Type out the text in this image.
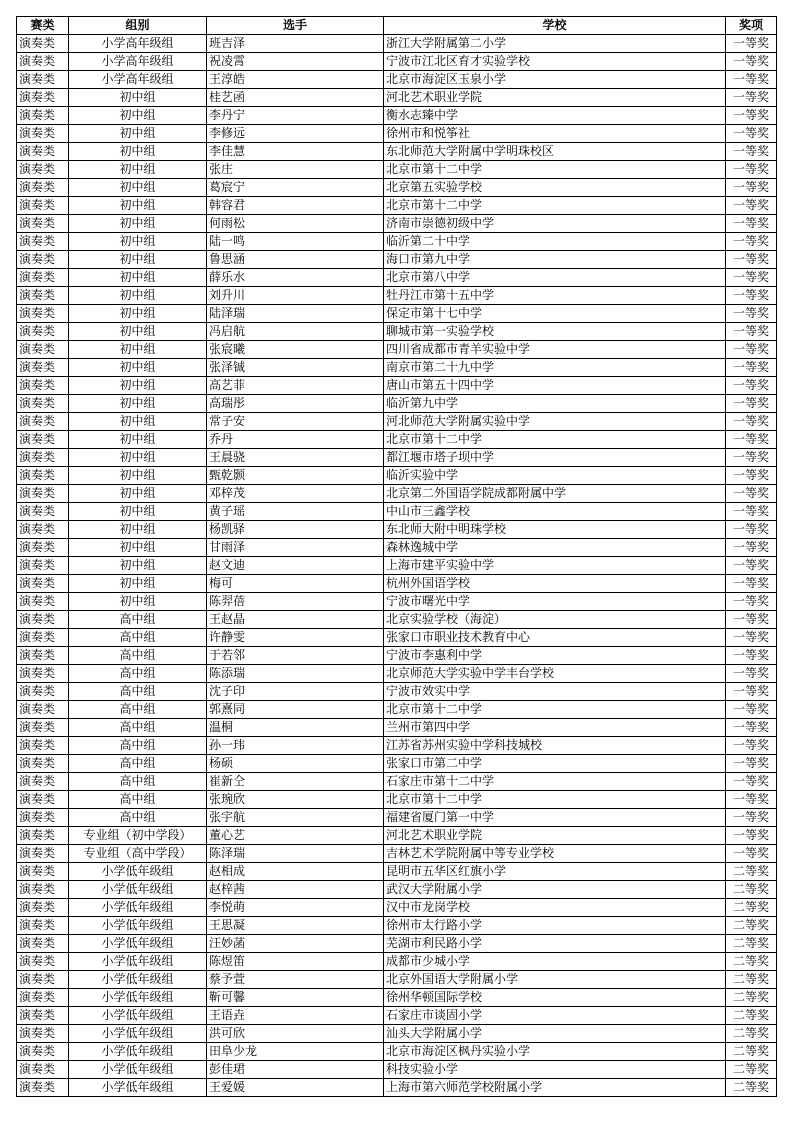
赛类	组别	选手	学校	奖项
演奏类	小学高年级组	班吉泽	浙江大学附属第二小学	一等奖
演奏类	小学高年级组	祝凌霄	宁波市江北区育才实验学校	一等奖
演奏类	小学高年级组	王淳皓	北京市海淀区玉泉小学	一等奖
演奏类	初中组	桂艺函	河北艺术职业学院	一等奖
演奏类	初中组	李丹宁	衡水志臻中学	一等奖
演奏类	初中组	李修远	徐州市和悦筝社	一等奖
演奏类	初中组	李佳慧	东北师范大学附属中学明珠校区	一等奖
演奏类	初中组	张庄	北京市第十二中学	一等奖
演奏类	初中组	葛宸宁	北京第五实验学校	一等奖
演奏类	初中组	韩容君	北京市第十二中学	一等奖
演奏类	初中组	何雨松	济南市崇德初级中学	一等奖
演奏类	初中组	陆一鸣	临沂第二十中学	一等奖
演奏类	初中组	鲁思涵	海口市第九中学	一等奖
演奏类	初中组	薛乐水	北京市第八中学	一等奖
演奏类	初中组	刘升川	牡丹江市第十五中学	一等奖
演奏类	初中组	陆泽瑞	保定市第十七中学	一等奖
演奏类	初中组	冯启航	聊城市第一实验学校	一等奖
演奏类	初中组	张宸曦	四川省成都市青羊实验中学	一等奖
演奏类	初中组	张泽铖	南京市第二十九中学	一等奖
演奏类	初中组	高艺菲	唐山市第五十四中学	一等奖
演奏类	初中组	高瑞彤	临沂第九中学	一等奖
演奏类	初中组	常子安	河北师范大学附属实验中学	一等奖
演奏类	初中组	乔丹	北京市第十二中学	一等奖
演奏类	初中组	王晨骁	都江堰市塔子坝中学	一等奖
演奏类	初中组	甄乾颢	临沂实验中学	一等奖
演奏类	初中组	邓梓茂	北京第二外国语学院成都附属中学	一等奖
演奏类	初中组	黄子瑶	中山市三鑫学校	一等奖
演奏类	初中组	杨凯驿	东北师大附中明珠学校	一等奖
演奏类	初中组	甘雨泽	森林逸城中学	一等奖
演奏类	初中组	赵文迪	上海市建平实验中学	一等奖
演奏类	初中组	梅可	杭州外国语学校	一等奖
演奏类	初中组	陈羿蓓	宁波市曙光中学	一等奖
演奏类	高中组	王赵晶	北京实验学校（海淀）	一等奖
演奏类	高中组	许静雯	张家口市职业技术教育中心	一等奖
演奏类	高中组	于若邻	宁波市李惠利中学	一等奖
演奏类	高中组	陈添瑞	北京师范大学实验中学丰台学校	一等奖
演奏类	高中组	沈子印	宁波市效实中学	一等奖
演奏类	高中组	郭熹同	北京市第十二中学	一等奖
演奏类	高中组	温桐	兰州市第四中学	一等奖
演奏类	高中组	孙一玮	江苏省苏州实验中学科技城校	一等奖
演奏类	高中组	杨硕	张家口市第二中学	一等奖
演奏类	高中组	崔新仝	石家庄市第十二中学	一等奖
演奏类	高中组	张琬欣	北京市第十二中学	一等奖
演奏类	高中组	张宇航	福建省厦门第一中学	一等奖
演奏类	专业组（初中学段）	董心艺	河北艺术职业学院	一等奖
演奏类	专业组（高中学段）	陈泽瑞	吉林艺术学院附属中等专业学校	一等奖
演奏类	小学低年级组	赵相成	昆明市五华区红旗小学	二等奖
演奏类	小学低年级组	赵梓茜	武汉大学附属小学	二等奖
演奏类	小学低年级组	李悦萌	汉中市龙岗学校	二等奖
演奏类	小学低年级组	王思凝	徐州市太行路小学	二等奖
演奏类	小学低年级组	汪妙菡	芜湖市利民路小学	二等奖
演奏类	小学低年级组	陈煜笛	成都市少城小学	二等奖
演奏类	小学低年级组	蔡予萱	北京外国语大学附属小学	二等奖
演奏类	小学低年级组	靳可馨	徐州华顿国际学校	二等奖
演奏类	小学低年级组	王语垚	石家庄市谈固小学	二等奖
演奏类	小学低年级组	洪可欣	汕头大学附属小学	二等奖
演奏类	小学低年级组	田阜少龙	北京市海淀区枫丹实验小学	二等奖
演奏类	小学低年级组	彭佳珺	科技实验小学	二等奖
演奏类	小学低年级组	王爱媛	上海市第六师范学校附属小学	二等奖
